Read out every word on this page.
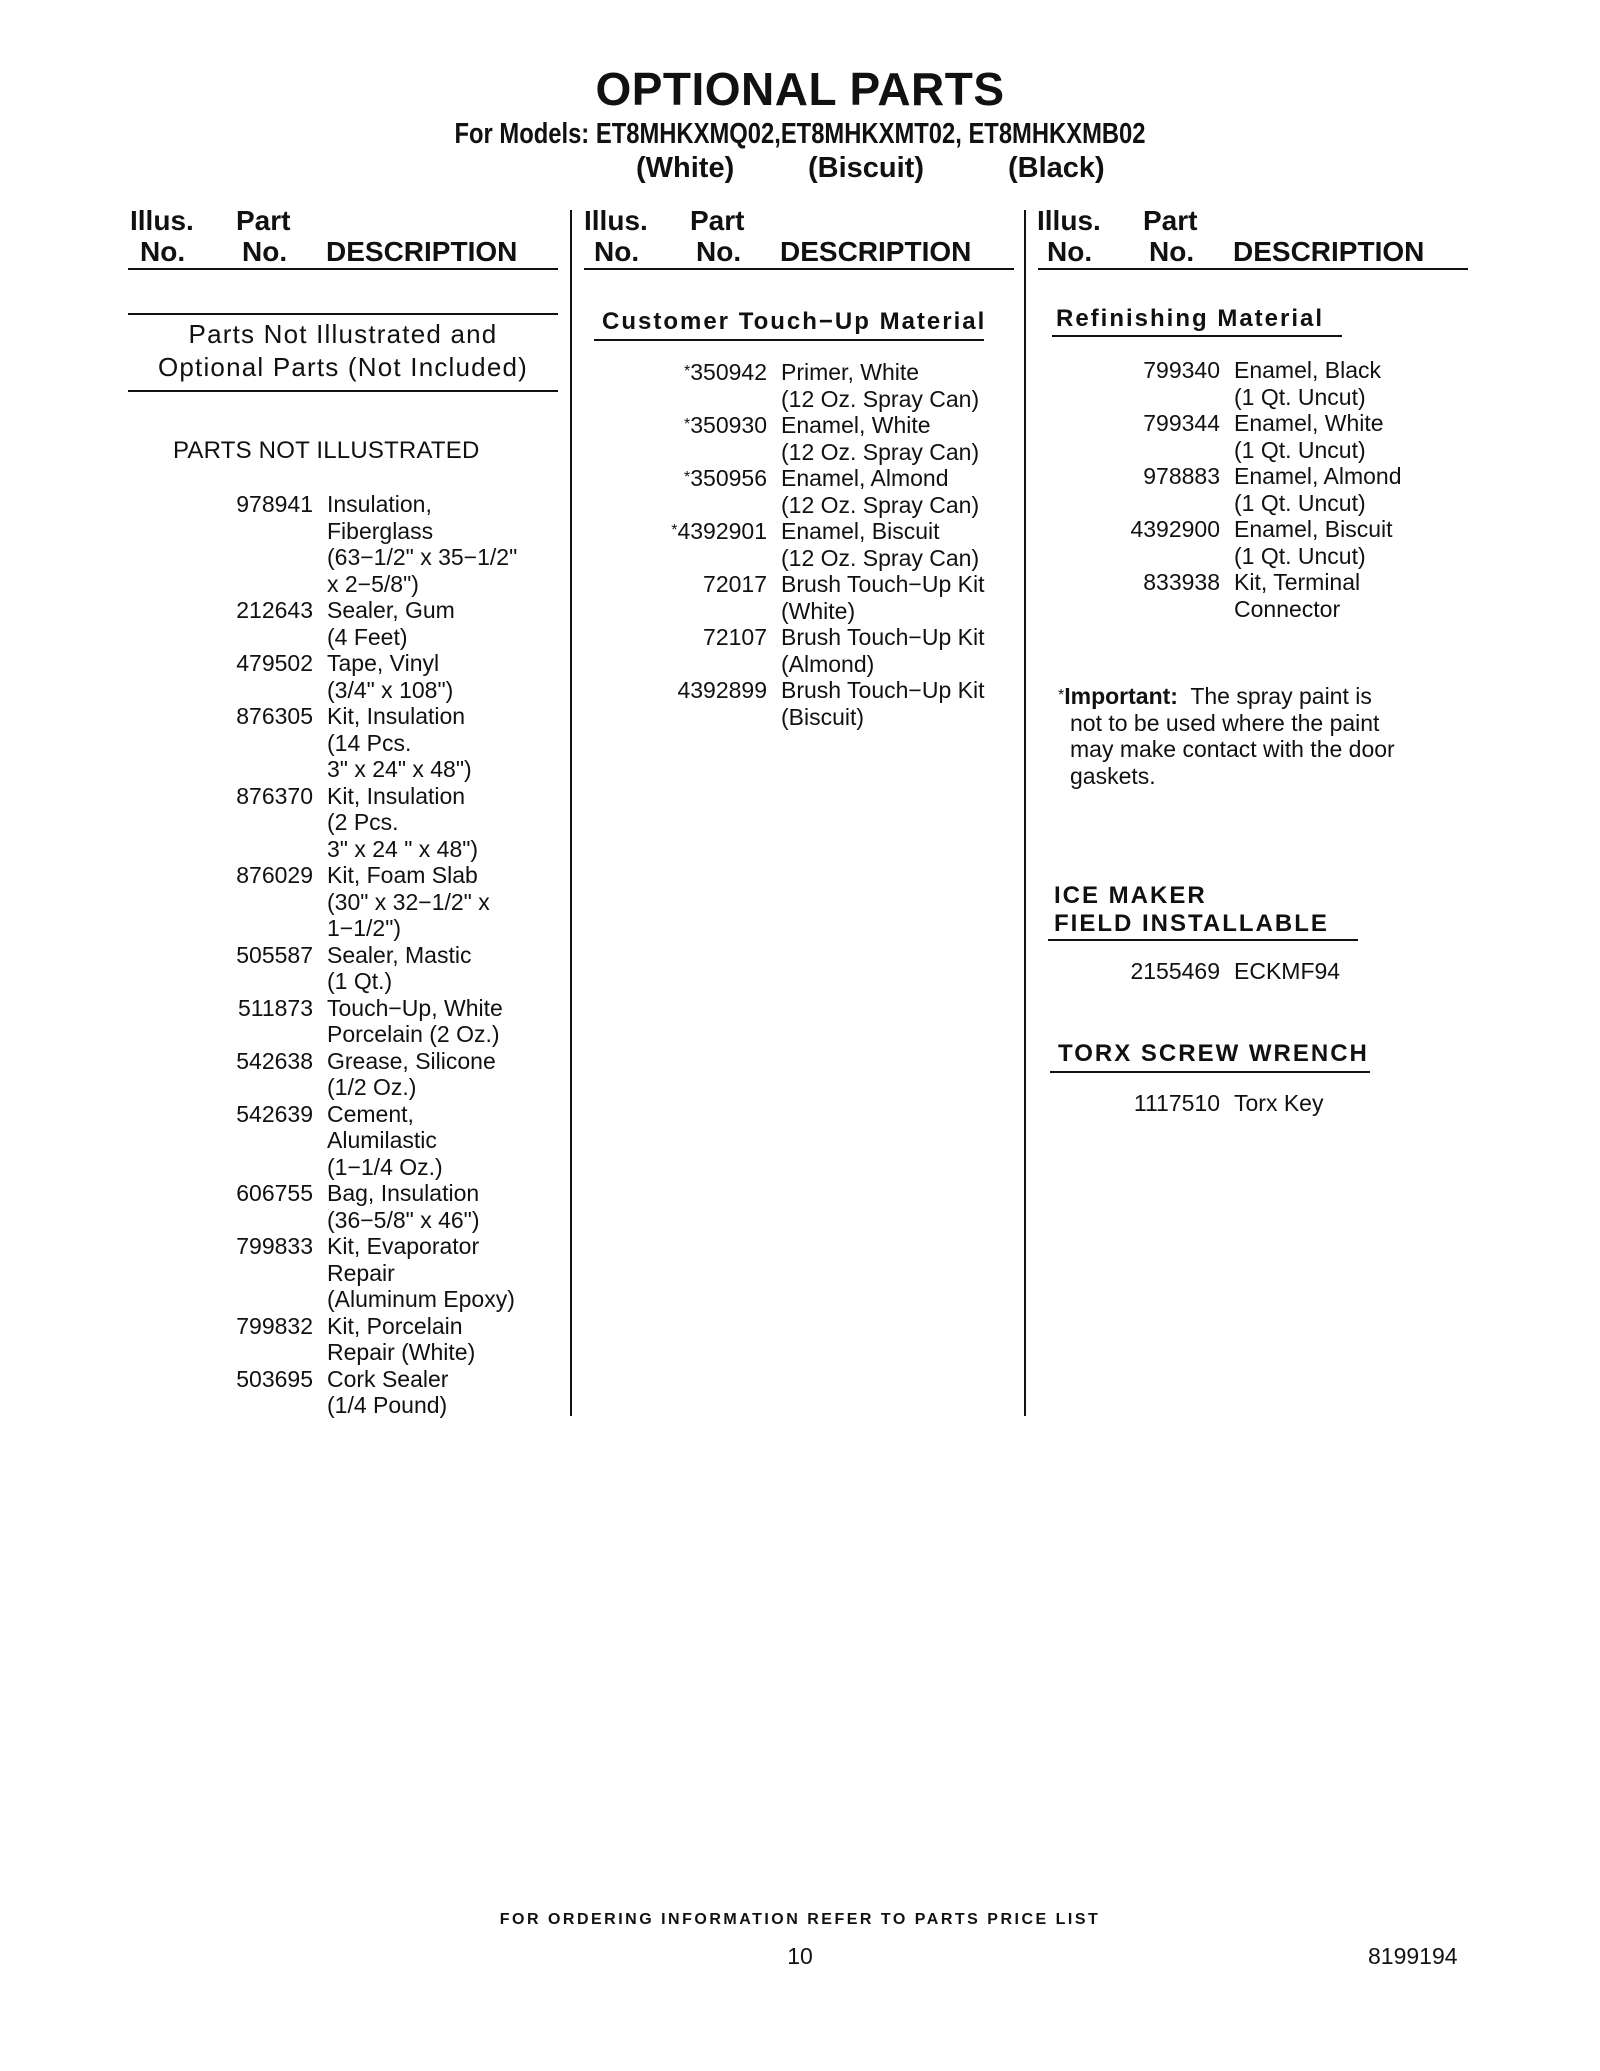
OPTIONAL PARTS
For Models: ET8MHKXMQ02,ET8MHKXMT02, ET8MHKXMB02
(White)	(Biscuit)	(Black)
Illus. Part
No. No. DESCRIPTION
Illus. Part
No. No. DESCRIPTION
Illus. Part
No. No. DESCRIPTION
Parts Not Illustrated and
Optional Parts (Not Included)
PARTS NOT ILLUSTRATED
978941 Insulation,
Fiberglass
(63−1/2" x 35−1/2"
x 2−5/8")
212643 Sealer, Gum
(4 Feet)
479502 Tape, Vinyl
(3/4" x 108")
876305 Kit, Insulation
(14 Pcs.
3" x 24" x 48")
876370 Kit, Insulation
(2 Pcs.
3" x 24 " x 48")
876029 Kit, Foam Slab
(30" x 32−1/2" x
1−1/2")
505587 Sealer, Mastic
(1 Qt.)
511873 Touch−Up, White
Porcelain (2 Oz.)
542638 Grease, Silicone
(1/2 Oz.)
542639 Cement,
Alumilastic
(1−1/4 Oz.)
606755 Bag, Insulation
(36−5/8" x 46")
799833 Kit, Evaporator
Repair
(Aluminum Epoxy)
799832 Kit, Porcelain
Repair (White)
503695 Cork Sealer
(1/4 Pound)
Customer Touch−Up Material
*350942 Primer, White
(12 Oz. Spray Can)
*350930 Enamel, White
(12 Oz. Spray Can)
*350956 Enamel, Almond
(12 Oz. Spray Can)
*4392901 Enamel, Biscuit
(12 Oz. Spray Can)
72017 Brush Touch−Up Kit
(White)
72107 Brush Touch−Up Kit
(Almond)
4392899 Brush Touch−Up Kit
(Biscuit)
Refinishing Material
799340 Enamel, Black
(1 Qt. Uncut)
799344 Enamel, White
(1 Qt. Uncut)
978883 Enamel, Almond
(1 Qt. Uncut)
4392900 Enamel, Biscuit
(1 Qt. Uncut)
833938 Kit, Terminal
Connector
*Important: The spray paint is
not to be used where the paint
may make contact with the door
gaskets.
ICE MAKER
FIELD INSTALLABLE
2155469 ECKMF94
TORX SCREW WRENCH
1117510 Torx Key
FOR ORDERING INFORMATION REFER TO PARTS PRICE LIST
10	8199194
